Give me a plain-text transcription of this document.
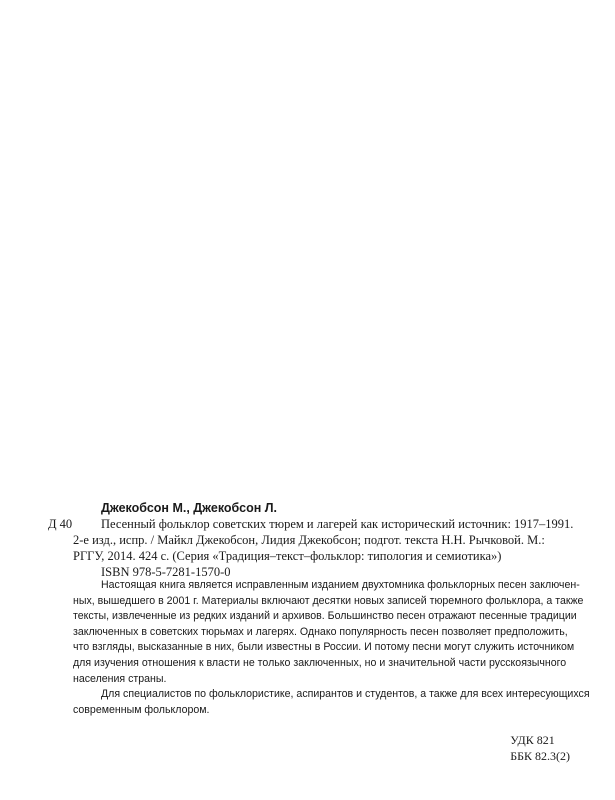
Д 40
Джекобсон М., Джекобсон Л.
Песенный фольклор советских тюрем и лагерей как исторический источник: 1917–1991.
2-е изд., испр. / Майкл Джекобсон, Лидия Джекобсон; подгот. текста Н.Н. Рычковой. М.:
РГГУ, 2014. 424 с. (Серия «Традиция–текст–фольклор: типология и семиотика»)
ISBN 978-5-7281-1570-0
Настоящая книга является исправленным изданием двухтомника фольклорных песен заключен-
ных, вышедшего в 2001 г. Материалы включают десятки новых записей тюремного фольклора, а также
тексты, извлеченные из редких изданий и архивов. Большинство песен отражают песенные традиции
заключенных в советских тюрьмах и лагерях. Однако популярность песен позволяет предположить,
что взгляды, высказанные в них, были известны в России. И потому песни могут служить источником
для изучения отношения к власти не только заключенных, но и значительной части русскоязычного
населения страны.
Для специалистов по фольклористике, аспирантов и студентов, а также для всех интересующихся
современным фольклором.
УДК 821
ББК 82.3(2)
